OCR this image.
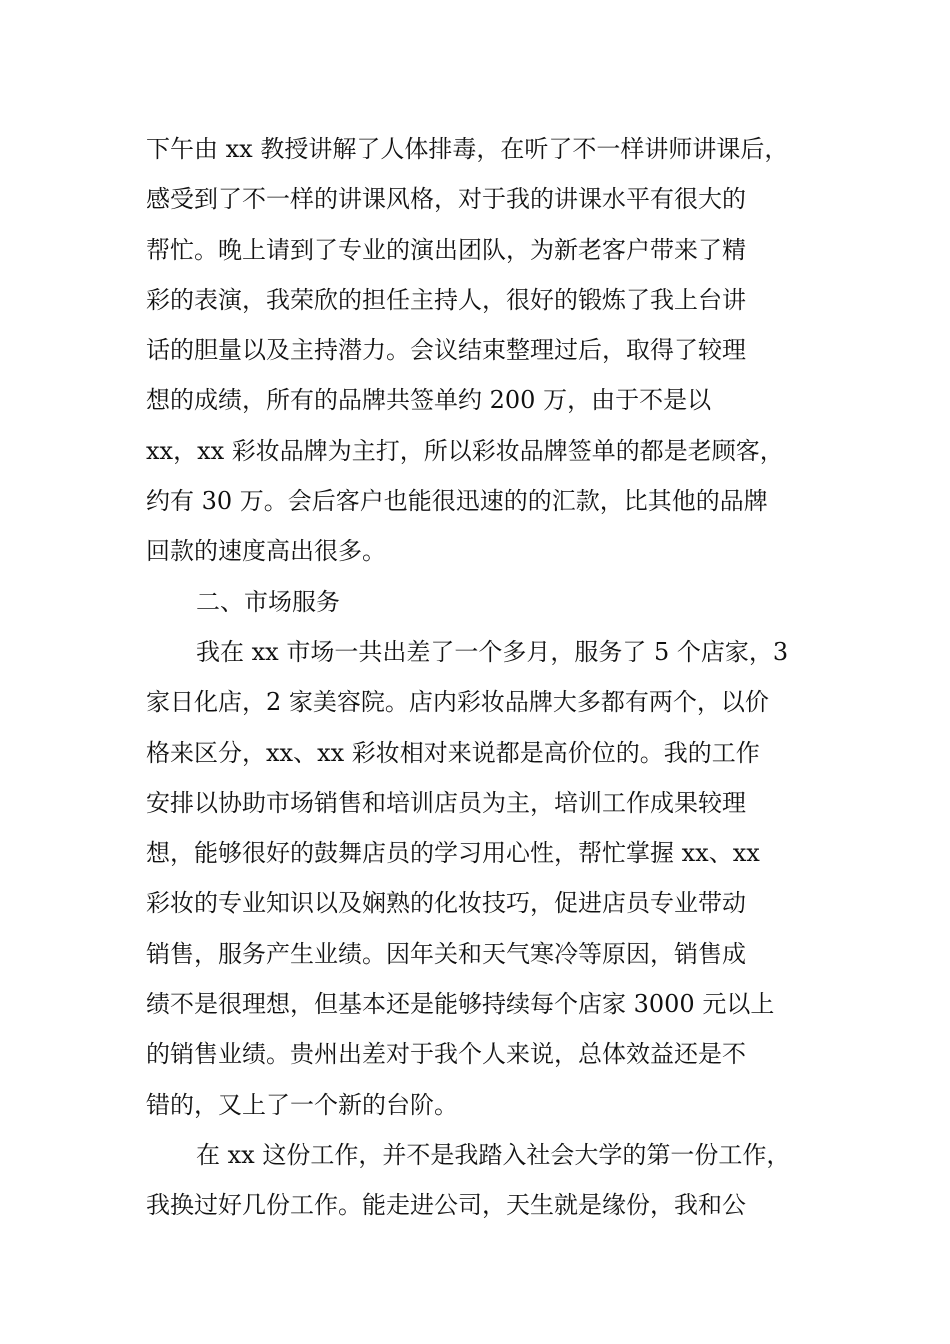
下午由 xx 教授讲解了人体排毒，在听了不一样讲师讲课后，
感受到了不一样的讲课风格，对于我的讲课水平有很大的
帮忙。晚上请到了专业的演出团队，为新老客户带来了精
彩的表演，我荣欣的担任主持人，很好的锻炼了我上台讲
话的胆量以及主持潜力。会议结束整理过后，取得了较理
想的成绩，所有的品牌共签单约 200 万，由于不是以
xx，xx 彩妆品牌为主打，所以彩妆品牌签单的都是老顾客，
约有 30 万。会后客户也能很迅速的的汇款，比其他的品牌
回款的速度高出很多。
二、市场服务
我在 xx 市场一共出差了一个多月，服务了 5 个店家，3
家日化店，2 家美容院。店内彩妆品牌大多都有两个，以价
格来区分，xx、xx 彩妆相对来说都是高价位的。我的工作
安排以协助市场销售和培训店员为主，培训工作成果较理
想，能够很好的鼓舞店员的学习用心性，帮忙掌握 xx、xx
彩妆的专业知识以及娴熟的化妆技巧，促进店员专业带动
销售，服务产生业绩。因年关和天气寒冷等原因，销售成
绩不是很理想，但基本还是能够持续每个店家 3000 元以上
的销售业绩。贵州出差对于我个人来说，总体效益还是不
错的，又上了一个新的台阶。
在 xx 这份工作，并不是我踏入社会大学的第一份工作，
我换过好几份工作。能走进公司，天生就是缘份，我和公
